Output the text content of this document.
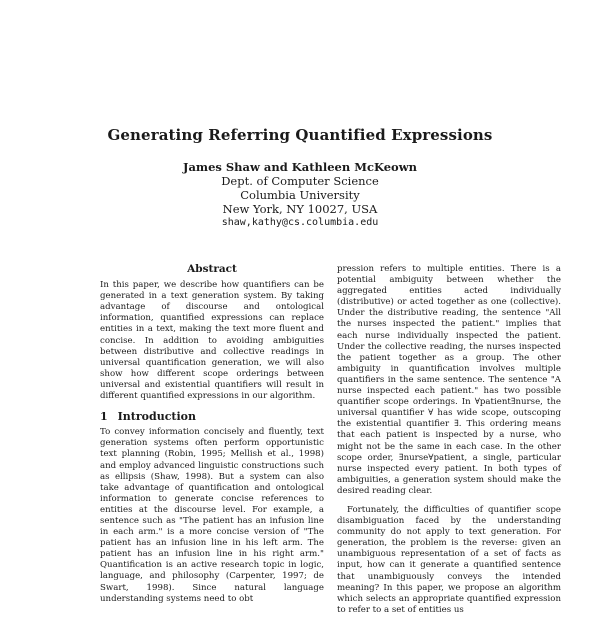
Generating Referring Quantified Expressions
James Shaw and Kathleen McKeown
Dept. of Computer Science
Columbia University
New York, NY 10027, USA
shaw,kathy@cs.columbia.edu
Abstract

In this paper, we describe how quantifiers can be generated in a text generation system. By taking advantage of discourse and ontological information, quantified expressions can replace entities in a text, making the text more fluent and concise. In addition to avoiding ambiguities between distributive and collective readings in universal quantification generation, we will also show how different scope orderings between universal and existential quantifiers will result in different quantified expressions in our algorithm.

1 Introduction

To convey information concisely and fluently, text generation systems often perform opportunistic text planning (Robin, 1995; Mellish et al., 1998) and employ advanced linguistic constructions such as ellipsis (Shaw, 1998). But a system can also take advantage of quantification and ontological information to generate concise references to entities at the discourse level. For example, a sentence such as "The patient has an infusion line in each arm." is a more concise version of "The patient has an infusion line in his left arm. The patient has an infusion line in his right arm." Quantification is an active research topic in logic, language, and philosophy (Carpenter, 1997; de Swart, 1998). Since natural language understanding systems need to obt

pression refers to multiple entities. There is a potential ambiguity between whether the aggregated entities acted individually (distributive) or acted together as one (collective). Under the distributive reading, the sentence "All the nurses inspected the patient." implies that each nurse individually inspected the patient. Under the collective reading, the nurses inspected the patient together as a group. The other ambiguity in quantification involves multiple quantifiers in the same sentence. The sentence "A nurse inspected each patient." has two possible quantifier scope orderings. In ∀patient∃nurse, the universal quantifier ∀ has wide scope, outscoping the existential quantifier ∃. This ordering means that each patient is inspected by a nurse, who might not be the same in each case. In the other scope order, ∃nurse∀patient, a single, particular nurse inspected every patient. In both types of ambiguities, a generation system should make the desired reading clear.

Fortunately, the difficulties of quantifier scope disambiguation faced by the understanding community do not apply to text generation. For generation, the problem is the reverse: given an unambiguous representation of a set of facts as input, how can it generate a quantified sentence that unambiguously conveys the intended meaning? In this paper, we propose an algorithm which selects an appropriate quantified expression to refer to a set of entities us
